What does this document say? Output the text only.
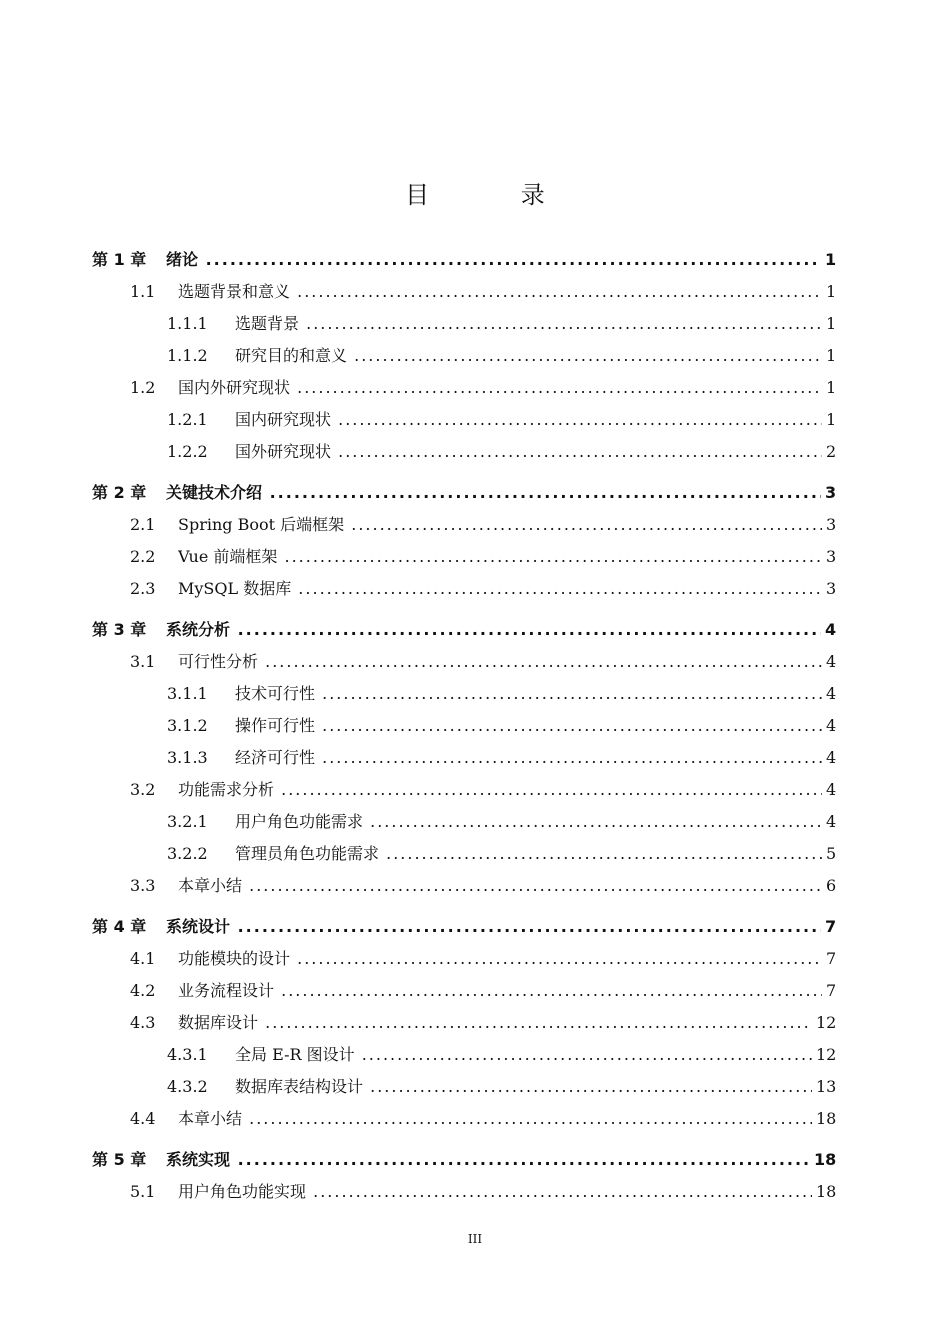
目 录
第 1 章 绪论 .....	1
1.1 选题背景和意义 .....	1
1.1.1 选题背景 .....	1
1.1.2 研究目的和意义 .....	1
1.2 国内外研究现状 .....	1
1.2.1 国内研究现状 .....	1
1.2.2 国外研究现状 .....	2
第 2 章 关键技术介绍 .....	3
2.1 Spring Boot 后端框架 .....	3
2.2 Vue 前端框架 .....	3
2.3 MySQL 数据库 .....	3
第 3 章 系统分析 .....	4
3.1 可行性分析 .....	4
3.1.1 技术可行性 .....	4
3.1.2 操作可行性 .....	4
3.1.3 经济可行性 .....	4
3.2 功能需求分析 .....	4
3.2.1 用户角色功能需求 .....	4
3.2.2 管理员角色功能需求 .....	5
3.3 本章小结 .....	6
第 4 章 系统设计 .....	7
4.1 功能模块的设计 .....	7
4.2 业务流程设计 .....	7
4.3 数据库设计 .....	12
4.3.1 全局 E-R 图设计 .....	12
4.3.2 数据库表结构设计 .....	13
4.4 本章小结 .....	18
第 5 章 系统实现 .....	18
5.1 用户角色功能实现 .....	18
III
